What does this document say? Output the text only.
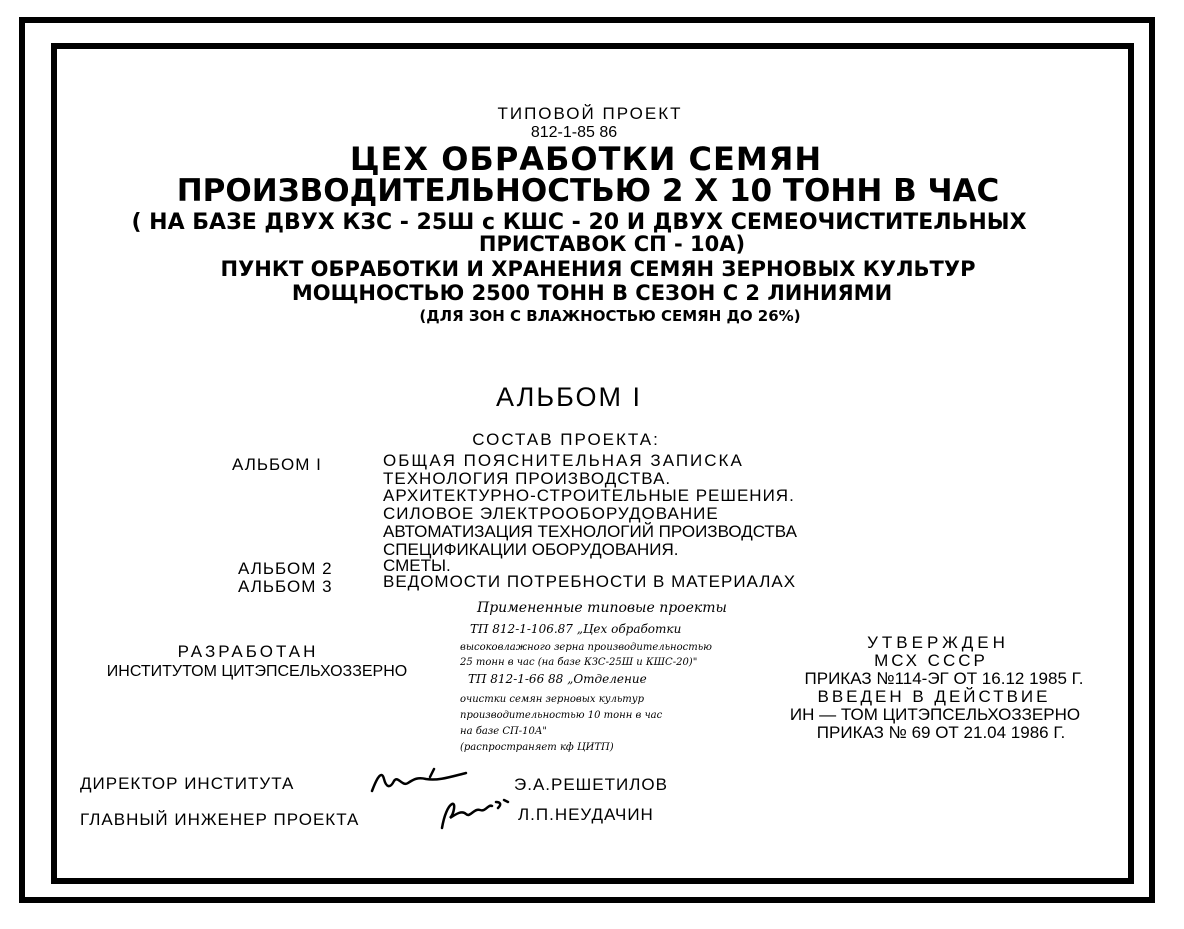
ТИПОВОЙ ПРОЕКТ
812-1-85 86
ЦЕХ ОБРАБОТКИ СЕМЯН
ПРОИЗВОДИТЕЛЬНОСТЬЮ 2 Х 10 ТОНН В ЧАС
( НА БАЗЕ ДВУХ КЗС - 25Ш с КШС - 20 И ДВУХ СЕМЕОЧИСТИТЕЛЬНЫХ
ПРИСТАВОК СП - 10А)
ПУНКТ ОБРАБОТКИ И ХРАНЕНИЯ СЕМЯН ЗЕРНОВЫХ КУЛЬТУР
МОЩНОСТЬЮ 2500 ТОНН В СЕЗОН С 2 ЛИНИЯМИ
(ДЛЯ ЗОН С ВЛАЖНОСТЬЮ СЕМЯН ДО 26%)
АЛЬБОМ I
СОСТАВ ПРОЕКТА:
АЛЬБОМ I	ОБЩАЯ ПОЯСНИТЕЛЬНАЯ ЗАПИСКА
ТЕХНОЛОГИЯ ПРОИЗВОДСТВА.
АРХИТЕКТУРНО-СТРОИТЕЛЬНЫЕ РЕШЕНИЯ.
СИЛОВОЕ ЭЛЕКТРООБОРУДОВАНИЕ
АВТОМАТИЗАЦИЯ ТЕХНОЛОГИЙ ПРОИЗВОДСТВА
СПЕЦИФИКАЦИИ ОБОРУДОВАНИЯ.
АЛЬБОМ 2	СМЕТЫ.
АЛЬБОМ 3	ВЕДОМОСТИ ПОТРЕБНОСТИ В МАТЕРИАЛАХ
РАЗРАБОТАН
ИНСТИТУТОМ ЦИТЭПСЕЛЬХОЗЗЕРНО
Примененные типовые проекты
ТП 812-1-106.87 „Цех обработки
высоковлажного зерна производительностью
25 тонн в час (на базе КЗС-25Ш и КШС-20)"
ТП 812-1-66 88 „Отделение
очистки семян зерновых культур
производительностью 10 тонн в час
на базе СП-10А"
(распространяет кф ЦИТП)
УТВЕРЖДЕН
МСХ СССР
ПРИКАЗ №114-ЭГ ОТ 16.12 1985 Г.
ВВЕДЕН В ДЕЙСТВИЕ
ИН — ТОМ ЦИТЭПСЕЛЬХОЗЗЕРНО
ПРИКАЗ № 69 ОТ 21.04 1986 Г.
ДИРЕКТОР ИНСТИТУТА	Э.А.РЕШЕТИЛОВ
ГЛАВНЫЙ ИНЖЕНЕР ПРОЕКТА	Л.П.НЕУДАЧИН
